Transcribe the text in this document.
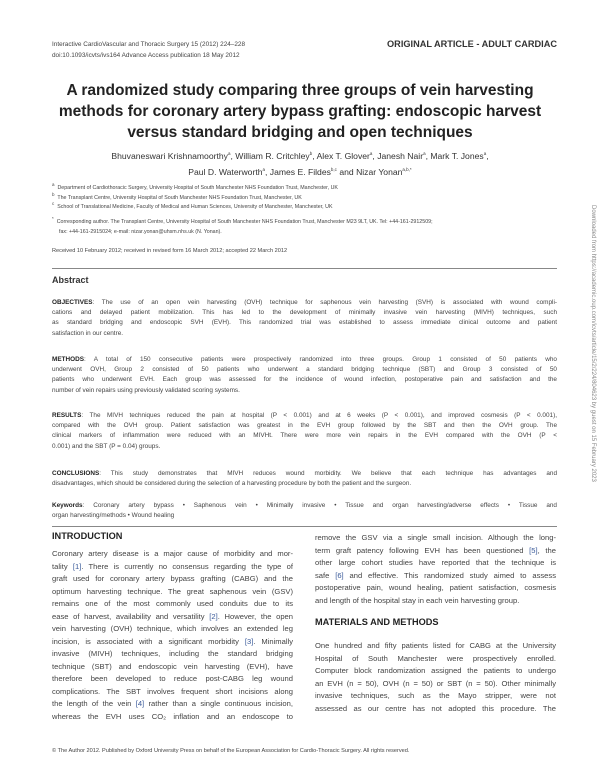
Interactive CardioVascular and Thoracic Surgery 15 (2012) 224–228
doi:10.1093/icvts/ivs164 Advance Access publication 18 May 2012
ORIGINAL ARTICLE - ADULT CARDIAC
A randomized study comparing three groups of vein harvesting
methods for coronary artery bypass grafting: endoscopic harvest
versus standard bridging and open techniques
Bhuvaneswari Krishnamoorthy$^a$, William R. Critchley$^b$, Alex T. Glover$^a$, Janesh Nair$^a$, Mark T. Jones$^a$,
Paul D. Waterworth$^a$, James E. Fildes$^{b,c}$ and Nizar Yonan$^{a,b,*}$
$^a$  Department of Cardiothoracic Surgery, University Hospital of South Manchester NHS Foundation Trust, Manchester, UK
$^b$  The Transplant Centre, University Hospital of South Manchester NHS Foundation Trust, Manchester, UK
$^c$  School of Translational Medicine, Faculty of Medical and Human Sciences, University of Manchester, Manchester, UK
*  Corresponding author. The Transplant Centre, University Hospital of South Manchester NHS Foundation Trust, Manchester M23 9LT, UK. Tel: +44-161-2912509;
fax: +44-161-2915024; e-mail: nizar.yonan@uhsm.nhs.uk (N. Yonan).
Received 10 February 2012; received in revised form 16 March 2012; accepted 22 March 2012
Abstract
OBJECTIVES: The use of an open vein harvesting (OVH) technique for saphenous vein harvesting (SVH) is associated with wound compli-
cations and delayed patient mobilization. This has led to the development of minimally invasive vein harvesting (MIVH) techniques, such
as standard bridging and endoscopic SVH (EVH). This randomized trial was established to assess immediate clinical outcome and patient
satisfaction in our centre.
METHODS: A total of 150 consecutive patients were prospectively randomized into three groups. Group 1 consisted of 50 patients who
underwent OVH, Group 2 consisted of 50 patients who underwent a standard bridging technique (SBT) and Group 3 consisted of 50
patients who underwent EVH. Each group was assessed for the incidence of wound infection, postoperative pain and satisfaction and the
number of vein repairs using previously validated scoring systems.
RESULTS: The MIVH techniques reduced the pain at hospital (P < 0.001) and at 6 weeks (P < 0.001), and improved cosmesis (P < 0.001),
compared with the OVH group. Patient satisfaction was greatest in the EVH group followed by the SBT and then the OVH group. The
clinical markers of inflammation were reduced with an MIVHt. There were more vein repairs in the EVH compared with the OVH (P <
0.001) and the SBT (P = 0.04) groups.
CONCLUSIONS: This study demonstrates that MIVH reduces wound morbidity. We believe that each technique has advantages and
disadvantages, which should be considered during the selection of a harvesting procedure by both the patient and the surgeon.
Keywords: Coronary artery bypass • Saphenous vein • Minimally invasive • Tissue and organ harvesting/adverse effects • Tissue and
organ harvesting/methods • Wound healing
INTRODUCTION
Coronary artery disease is a major cause of morbidity and mor-
tality [1]. There is currently no consensus regarding the type of
graft used for coronary artery bypass grafting (CABG) and the
optimum harvesting technique. The great saphenous vein (GSV)
remains one of the most commonly used conduits due to its
ease of harvest, availability and versatility [2]. However, the open
vein harvesting (OVH) technique, which involves an extended leg
incision, is associated with a significant morbidity [3]. Minimally
invasive (MIVH) techniques, including the standard bridging
technique (SBT) and endoscopic vein harvesting (EVH), have
therefore been developed to reduce post-CABG leg wound
complications. The SBT involves frequent short incisions along
the length of the vein [4] rather than a single continuous incision,
whereas the EVH uses CO₂ inflation and an endoscope to
remove the GSV via a single small incision. Although the long-
term graft patency following EVH has been questioned [5], the
other large cohort studies have reported that the technique is
safe [6] and effective. This randomized study aimed to assess
postoperative pain, wound healing, patient satisfaction, cosmesis
and length of the hospital stay in each vein harvesting group.
MATERIALS AND METHODS
One hundred and fifty patients listed for CABG at the University
Hospital of South Manchester were prospectively enrolled.
Computer block randomization assigned the patients to undergo
an EVH (n = 50), OVH (n = 50) or SBT (n = 50). Other minimally
invasive techniques, such as the Mayo stripper, were not
assessed as our centre has not adopted this procedure. The
© The Author 2012. Published by Oxford University Press on behalf of the European Association for Cardio-Thoracic Surgery. All rights reserved.
Downloaded from https://academic.oup.com/icvts/article/15/2/224/804623 by guest on 15 February 2023
